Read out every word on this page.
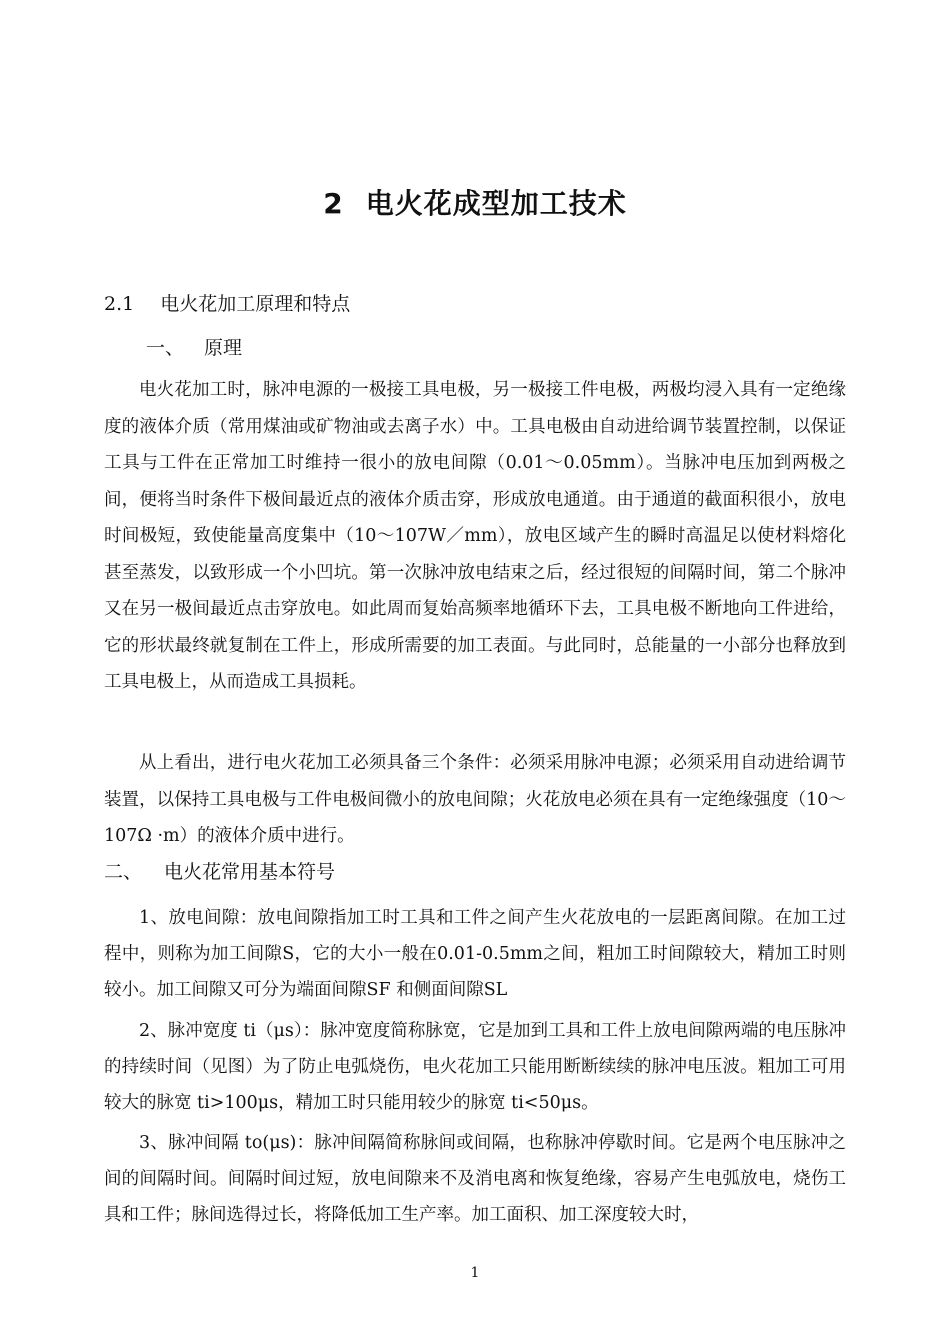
2 电火花成型加工技术
2.1 电火花加工原理和特点
一、 原理

电火花加工时，脉冲电源的一极接工具电极，另一极接工件电极，两极均浸入具有一定绝缘度的液体介质（常用煤油或矿物油或去离子水）中。工具电极由自动进给调节装置控制，以保证工具与工件在正常加工时维持一很小的放电间隙（0.01～0.05mm）。当脉冲电压加到两极之间，便将当时条件下极间最近点的液体介质击穿，形成放电通道。由于通道的截面积很小，放电时间极短，致使能量高度集中（10～107W／mm），放电区域产生的瞬时高温足以使材料熔化甚至蒸发，以致形成一个小凹坑。第一次脉冲放电结束之后，经过很短的间隔时间，第二个脉冲又在另一极间最近点击穿放电。如此周而复始高频率地循环下去，工具电极不断地向工件进给，它的形状最终就复制在工件上，形成所需要的加工表面。与此同时，总能量的一小部分也释放到工具电极上，从而造成工具损耗。

从上看出，进行电火花加工必须具备三个条件：必须采用脉冲电源；必须采用自动进给调节装置，以保持工具电极与工件电极间微小的放电间隙；火花放电必须在具有一定绝缘强度（10～107Ω ·m）的液体介质中进行。

二、 电火花常用基本符号

1、放电间隙：放电间隙指加工时工具和工件之间产生火花放电的一层距离间隙。在加工过程中，则称为加工间隙S，它的大小一般在0.01-0.5mm之间，粗加工时间隙较大，精加工时则较小。加工间隙又可分为端面间隙SF 和侧面间隙SL

2、脉冲宽度 ti（μs）：脉冲宽度简称脉宽，它是加到工具和工件上放电间隙两端的电压脉冲的持续时间（见图）为了防止电弧烧伤，电火花加工只能用断断续续的脉冲电压波。粗加工可用较大的脉宽 ti>100μs，精加工时只能用较少的脉宽 ti<50μs。

3、脉冲间隔 to(μs)：脉冲间隔简称脉间或间隔，也称脉冲停歇时间。它是两个电压脉冲之间的间隔时间。间隔时间过短，放电间隙来不及消电离和恢复绝缘，容易产生电弧放电，烧伤工具和工件；脉间选得过长，将降低加工生产率。加工面积、加工深度较大时，

1
